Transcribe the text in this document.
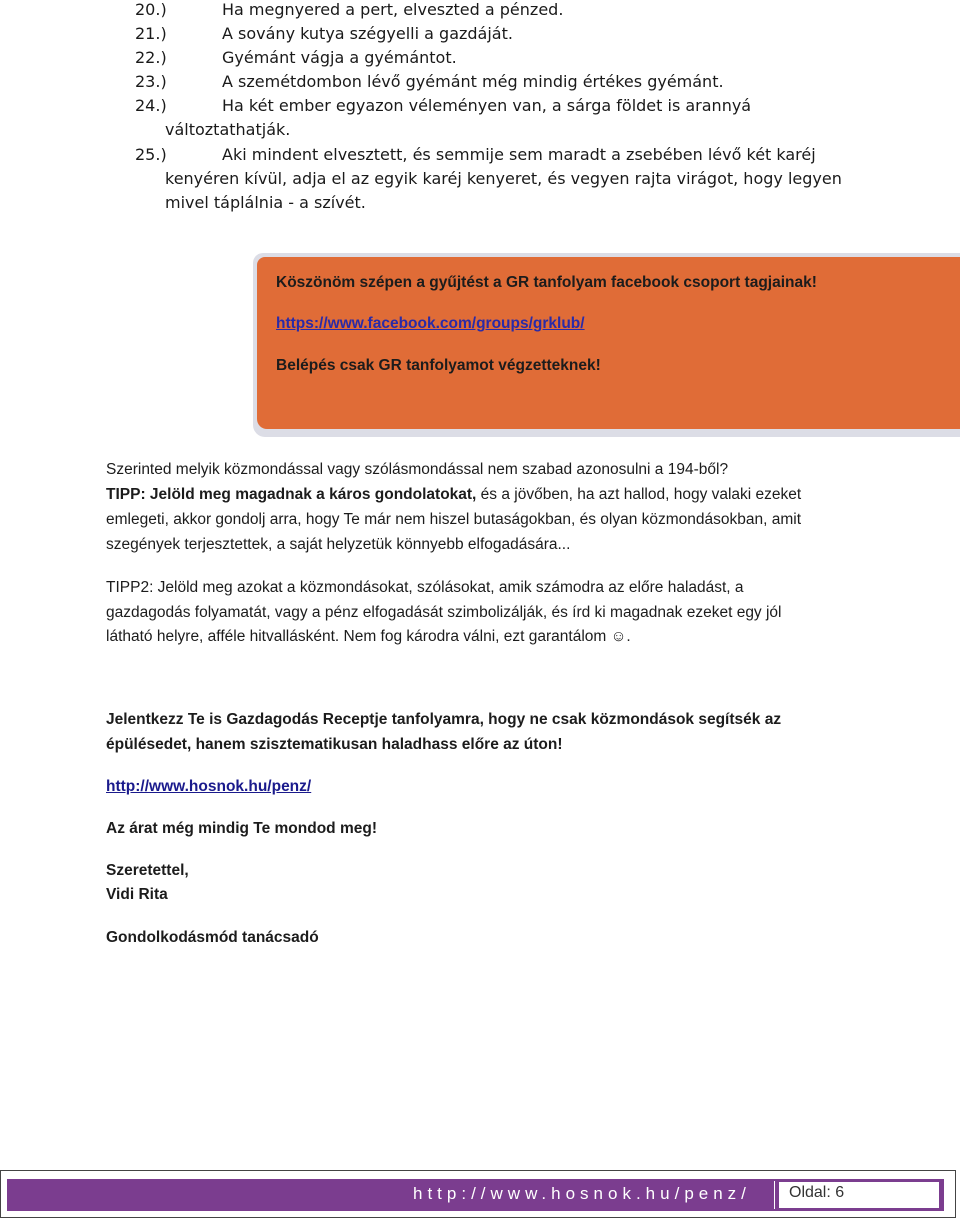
20.)	Ha megnyered a pert, elveszted a pénzed.
21.)	A sovány kutya szégyelli a gazdáját.
22.)	Gyémánt vágja a gyémántot.
23.)	A szemétdombon lévő gyémánt még mindig értékes gyémánt.
24.)	Ha két ember egyazon véleményen van, a sárga földet is arannyá
változtathatják.
25.)	Aki mindent elvesztett, és semmije sem maradt a zsebében lévő két karéj
kenyéren kívül, adja el az egyik karéj kenyeret, és vegyen rajta virágot, hogy legyen
mivel táplálnia - a szívét.
Köszönöm szépen a gyűjtést a GR tanfolyam facebook csoport tagjainak!
https://www.facebook.com/groups/grklub/
Belépés csak GR tanfolyamot végzetteknek!
Szerinted melyik közmondással vagy szólásmondással nem szabad azonosulni a 194-ből?
TIPP: Jelöld meg magadnak a káros gondolatokat, és a jövőben, ha azt hallod, hogy valaki ezeket
emlegeti, akkor gondolj arra, hogy Te már nem hiszel butaságokban, és olyan közmondásokban, amit
szegények terjesztettek, a saját helyzetük könnyebb elfogadására...
TIPP2: Jelöld meg azokat a közmondásokat, szólásokat, amik számodra az előre haladást, a
gazdagodás folyamatát, vagy a pénz elfogadását szimbolizálják, és írd ki magadnak ezeket egy jól
látható helyre, afféle hitvallásként. Nem fog károdra válni, ezt garantálom ☺.
Jelentkezz Te is Gazdagodás Receptje tanfolyamra, hogy ne csak közmondások segítsék az
épülésedet, hanem szisztematikusan haladhass előre az úton!
http://www.hosnok.hu/penz/
Az árat még mindig Te mondod meg!
Szeretettel,
Vidi Rita
Gondolkodásmód tanácsadó
http://www.hosnok.hu/penz/ Oldal: 6
